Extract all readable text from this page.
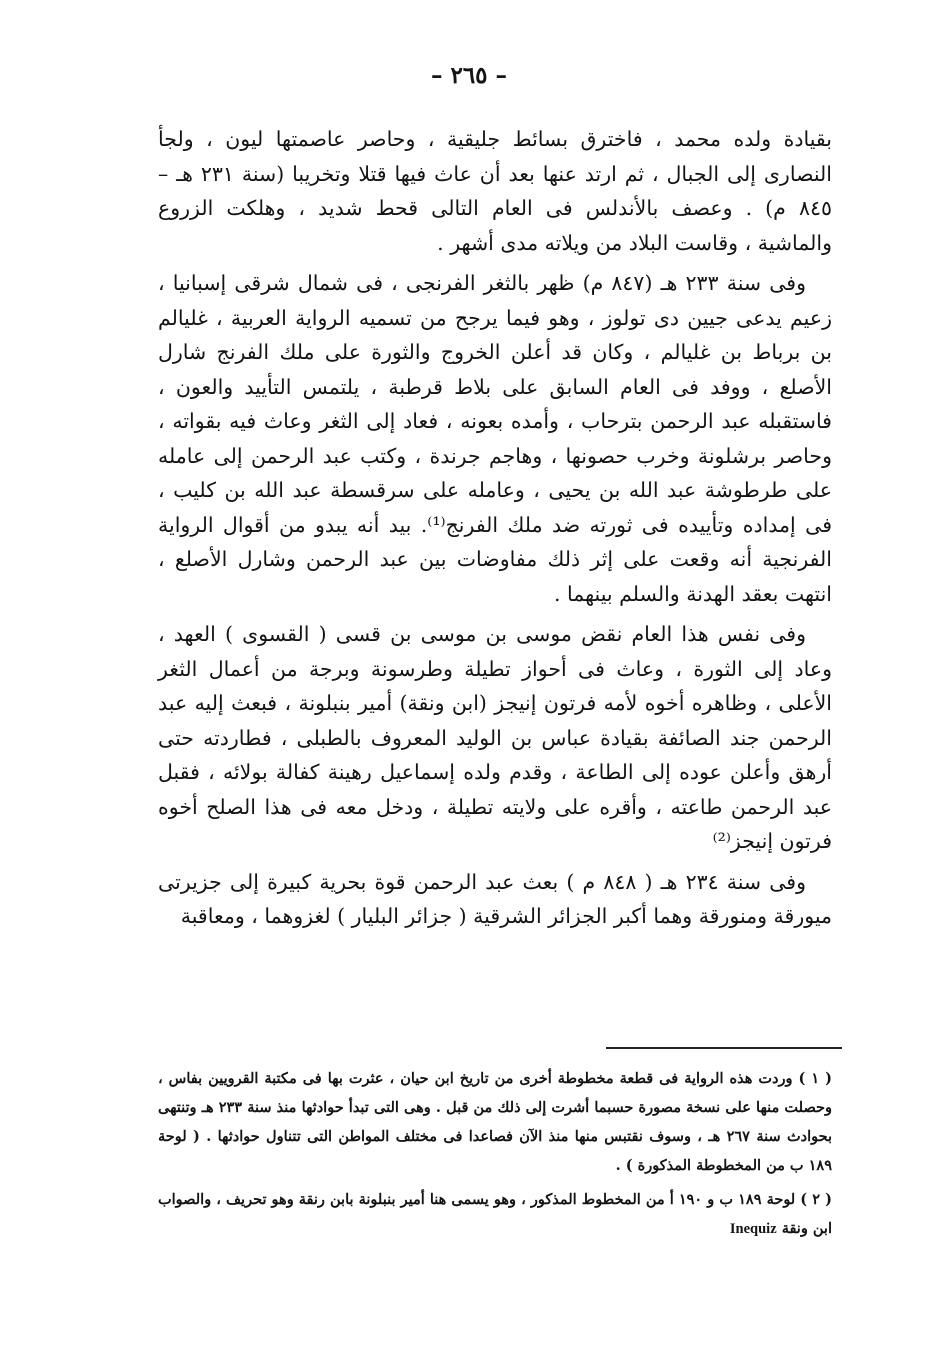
– ٢٦٥ –

بقيادة ولده محمد ، فاخترق بسائط جليقية ، وحاصر عاصمتها ليون ، ولجأ النصارى إلى الجبال ، ثم ارتد عنها بعد أن عاث فيها قتلا وتخريبا (سنة ٢٣١ هـ – ٨٤٥ م) . وعصف بالأندلس فى العام التالى قحط شديد ، وهلكت الزروع والماشية ، وقاست البلاد من ويلاته مدى أشهر .

وفى سنة ٢٣٣ هـ (٨٤٧ م) ظهر بالثغر الفرنجى ، فى شمال شرقى إسبانيا ، زعيم يدعى جيين دى تولوز ، وهو فيما يرجح من تسميه الرواية العربية ، غليالم بن برباط بن غليالم ، وكان قد أعلن الخروج والثورة على ملك الفرنج شارل الأصلع ، ووفد فى العام السابق على بلاط قرطبة ، يلتمس التأييد والعون ، فاستقبله عبد الرحمن بترحاب ، وأمده بعونه ، فعاد إلى الثغر وعاث فيه بقواته ، وحاصر برشلونة وخرب حصونها ، وهاجم جرندة ، وكتب عبد الرحمن إلى عامله على طرطوشة عبد الله بن يحيى ، وعامله على سرقسطة عبد الله بن كليب ، فى إمداده وتأييده فى ثورته ضد ملك الفرنج⁽¹⁾. بيد أنه يبدو من أقوال الرواية الفرنجية أنه وقعت على إثر ذلك مفاوضات بين عبد الرحمن وشارل الأصلع ، انتهت بعقد الهدنة والسلم بينهما .

وفى نفس هذا العام نقض موسى بن موسى بن قسى ( القسوى ) العهد ، وعاد إلى الثورة ، وعاث فى أحواز تطيلة وطرسونة وبرجة من أعمال الثغر الأعلى ، وظاهره أخوه لأمه فرتون إنيجز (ابن ونقة) أمير بنبلونة ، فبعث إليه عبد الرحمن جند الصائفة بقيادة عباس بن الوليد المعروف بالطبلى ، فطاردته حتى أرهق وأعلن عوده إلى الطاعة ، وقدم ولده إسماعيل رهينة كفالة بولائه ، فقبل عبد الرحمن طاعته ، وأقره على ولايته تطيلة ، ودخل معه فى هذا الصلح أخوه فرتون إنيجز⁽²⁾

وفى سنة ٢٣٤ هـ ( ٨٤٨ م ) بعث عبد الرحمن قوة بحرية كبيرة إلى جزيرتى ميورقة ومنورقة وهما أكبر الجزائر الشرقية ( جزائر البليار ) لغزوهما ، ومعاقبة

( ١ ) وردت هذه الرواية فى قطعة مخطوطة أخرى من تاريخ ابن حيان ، عثرت بها فى مكتبة القرويين بفاس ، وحصلت منها على نسخة مصورة حسبما أشرت إلى ذلك من قبل . وهى التى تبدأ حوادثها منذ سنة ٢٣٣ هـ وتنتهى بحوادث سنة ٢٦٧ هـ ، وسوف نقتبس منها منذ الآن فصاعدا فى مختلف المواطن التى تتناول حوادثها . ( لوحة ١٨٩ ب من المخطوطة المذكورة ) .

( ٢ ) لوحة ١٨٩ ب و ١٩٠ أ من المخطوط المذكور ، وهو يسمى هنا أمير بنبلونة بابن رنقة وهو تحريف ، والصواب ابن ونقة Inequiz
